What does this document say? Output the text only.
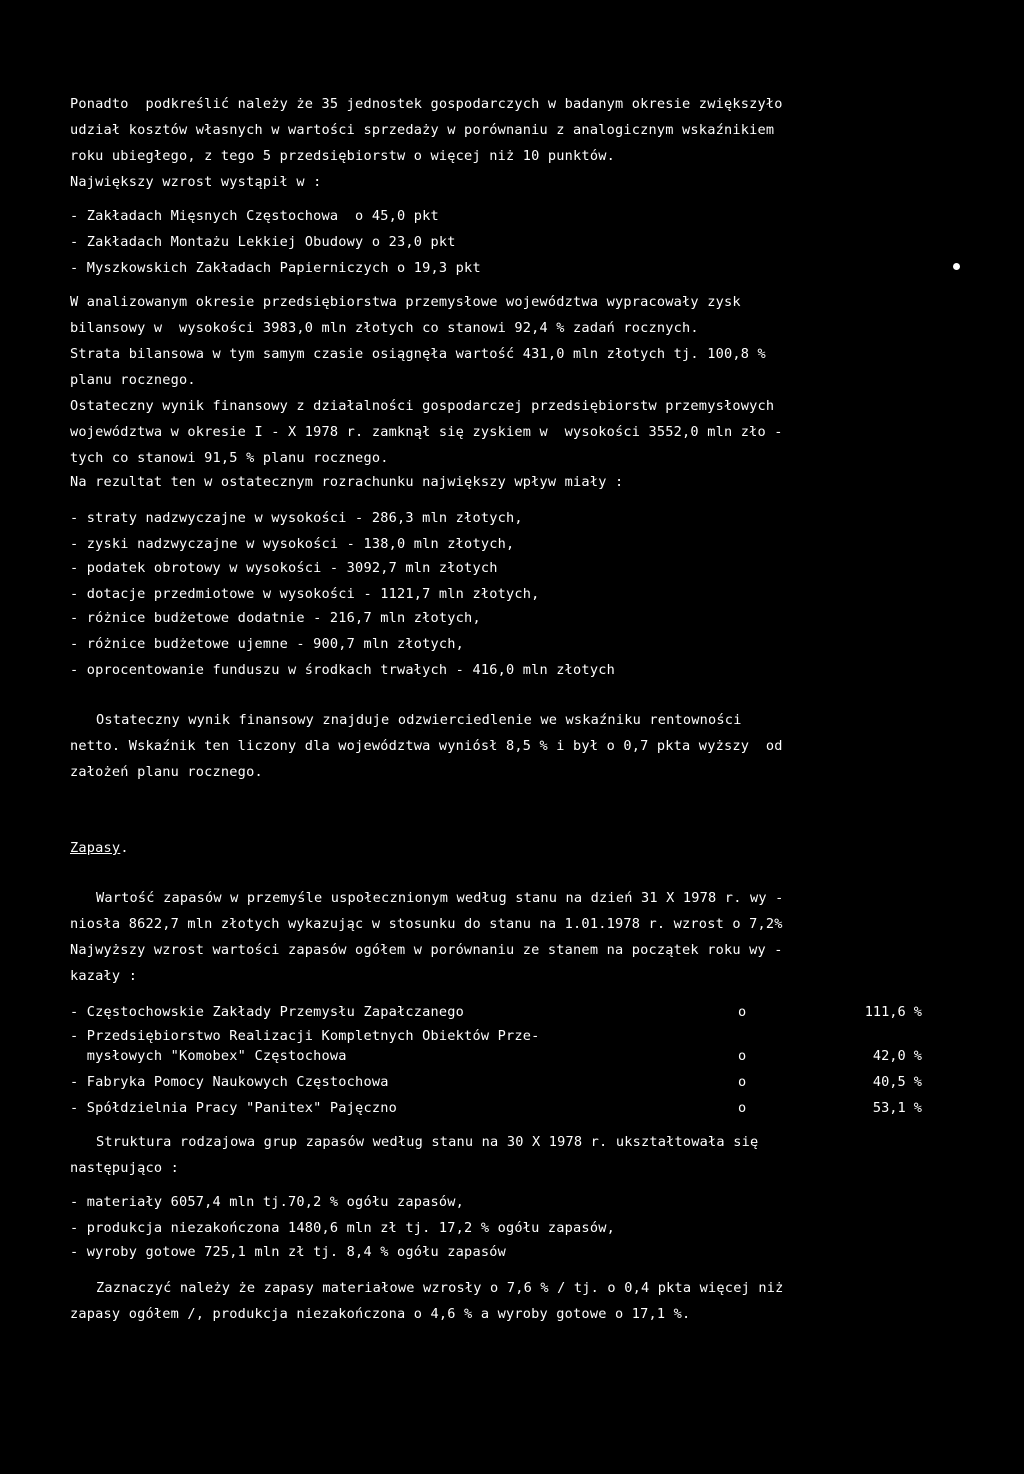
Ponadto  podkreślić należy że 35 jednostek gospodarczych w badanym okresie zwiększyło
udział kosztów własnych w wartości sprzedaży w porównaniu z analogicznym wskaźnikiem
roku ubiegłego, z tego 5 przedsiębiorstw o więcej niż 10 punktów.
Największy wzrost wystąpił w :
- Zakładach Mięsnych Częstochowa  o 45,0 pkt
- Zakładach Montażu Lekkiej Obudowy o 23,0 pkt
- Myszkowskich Zakładach Papierniczych o 19,3 pkt
W analizowanym okresie przedsiębiorstwa przemysłowe województwa wypracowały zysk
bilansowy w  wysokości 3983,0 mln złotych co stanowi 92,4 % zadań rocznych.
Strata bilansowa w tym samym czasie osiągnęła wartość 431,0 mln złotych tj. 100,8 %
planu rocznego.
Ostateczny wynik finansowy z działalności gospodarczej przedsiębiorstw przemysłowych
województwa w okresie I - X 1978 r. zamknął się zyskiem w  wysokości 3552,0 mln zło -
tych co stanowi 91,5 % planu rocznego.
Na rezultat ten w ostatecznym rozrachunku największy wpływ miały :
- straty nadzwyczajne w wysokości - 286,3 mln złotych,
- zyski nadzwyczajne w wysokości - 138,0 mln złotych,
- podatek obrotowy w wysokości - 3092,7 mln złotych
- dotacje przedmiotowe w wysokości - 1121,7 mln złotych,
- różnice budżetowe dodatnie - 216,7 mln złotych,
- różnice budżetowe ujemne - 900,7 mln złotych,
- oprocentowanie funduszu w środkach trwałych - 416,0 mln złotych
Ostateczny wynik finansowy znajduje odzwierciedlenie we wskaźniku rentowności
netto. Wskaźnik ten liczony dla województwa wyniósł 8,5 % i był o 0,7 pkta wyższy  od
założeń planu rocznego.
Zapasy.
Wartość zapasów w przemyśle uspołecznionym według stanu na dzień 31 X 1978 r. wy -
niosła 8622,7 mln złotych wykazując w stosunku do stanu na 1.01.1978 r. wzrost o 7,2%
Najwyższy wzrost wartości zapasów ogółem w porównaniu ze stanem na początek roku wy -
kazały :
- Częstochowskie Zakłady Przemysłu Zapałczanego	o	111,6 %
- Przedsiębiorstwo Realizacji Kompletnych Obiektów Prze-
mysłowych "Komobex" Częstochowa	o	42,0 %
- Fabryka Pomocy Naukowych Częstochowa	o	40,5 %
- Spółdzielnia Pracy "Panitex" Pajęczno	o	53,1 %
Struktura rodzajowa grup zapasów według stanu na 30 X 1978 r. ukształtowała się
następująco :
- materiały 6057,4 mln tj.70,2 % ogółu zapasów,
- produkcja niezakończona 1480,6 mln zł tj. 17,2 % ogółu zapasów,
- wyroby gotowe 725,1 mln zł tj. 8,4 % ogółu zapasów
Zaznaczyć należy że zapasy materiałowe wzrosły o 7,6 % / tj. o 0,4 pkta więcej niż
zapasy ogółem /, produkcja niezakończona o 4,6 % a wyroby gotowe o 17,1 %.
